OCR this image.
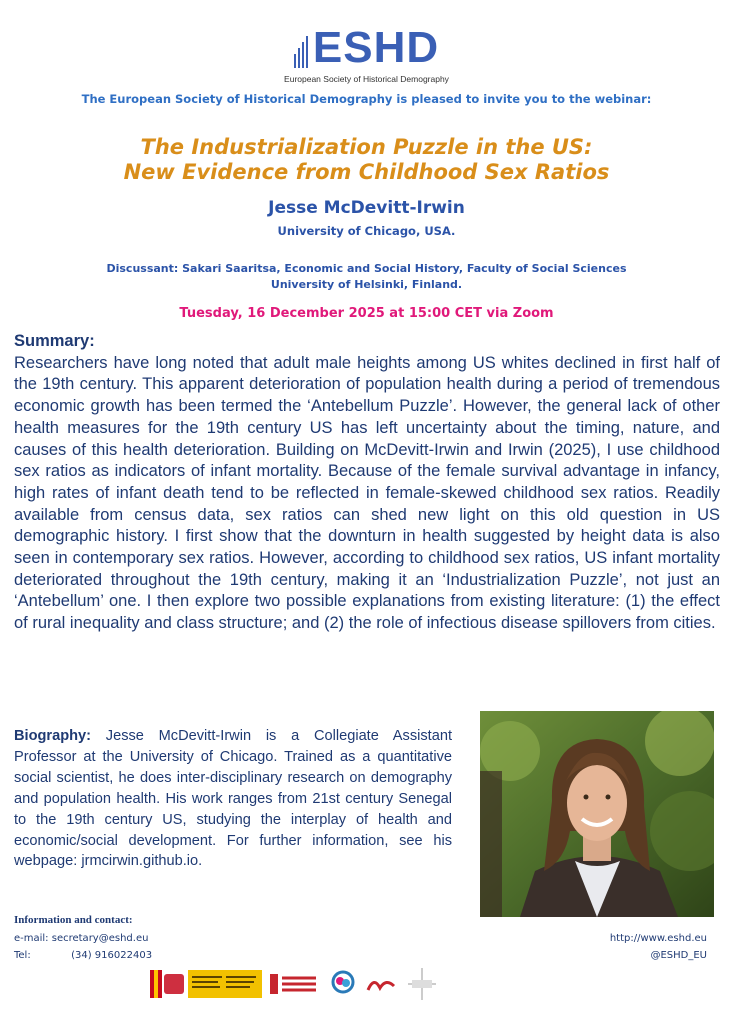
ESHD
European Society of Historical Demography
The European Society of Historical Demography is pleased to invite you to the webinar:
The Industrialization Puzzle in the US:
New Evidence from Childhood Sex Ratios
Jesse McDevitt-Irwin
University of Chicago, USA.
Discussant: Sakari Saaritsa, Economic and Social History, Faculty of Social Sciences
University of Helsinki, Finland.
Tuesday, 16 December 2025 at 15:00 CET via Zoom
Summary:
Researchers have long noted that adult male heights among US whites declined in first half of the 19th century. This apparent deterioration of population health during a period of tremendous economic growth has been termed the ‘Antebellum Puzzle’. However, the general lack of other health measures for the 19th century US has left uncertainty about the timing, nature, and causes of this health deterioration. Building on McDevitt-Irwin and Irwin (2025), I use childhood sex ratios as indicators of infant mortality. Because of the female survival advantage in infancy, high rates of infant death tend to be reflected in female-skewed childhood sex ratios. Readily available from census data, sex ratios can shed new light on this old question in US demographic history. I first show that the downturn in health suggested by height data is also seen in contemporary sex ratios. However, according to childhood sex ratios, US infant mortality deteriorated throughout the 19th century, making it an ‘Industrialization Puzzle’, not just an ‘Antebellum’ one. I then explore two possible explanations from existing literature: (1) the effect of rural inequality and class structure; and (2) the role of infectious disease spillovers from cities.
Biography: Jesse McDevitt-Irwin is a Collegiate Assistant Professor at the University of Chicago. Trained as a quantitative social scientist, he does inter-disciplinary research on demography and population health. His work ranges from 21st century Senegal to the 19th century US, studying the interplay of health and economic/social development. For further information, see his webpage: jrmcirwin.github.io.
Information and contact:
e-mail: secretary@eshd.eu
Tel:	(34) 916022403
http://www.eshd.eu
@ESHD_EU
